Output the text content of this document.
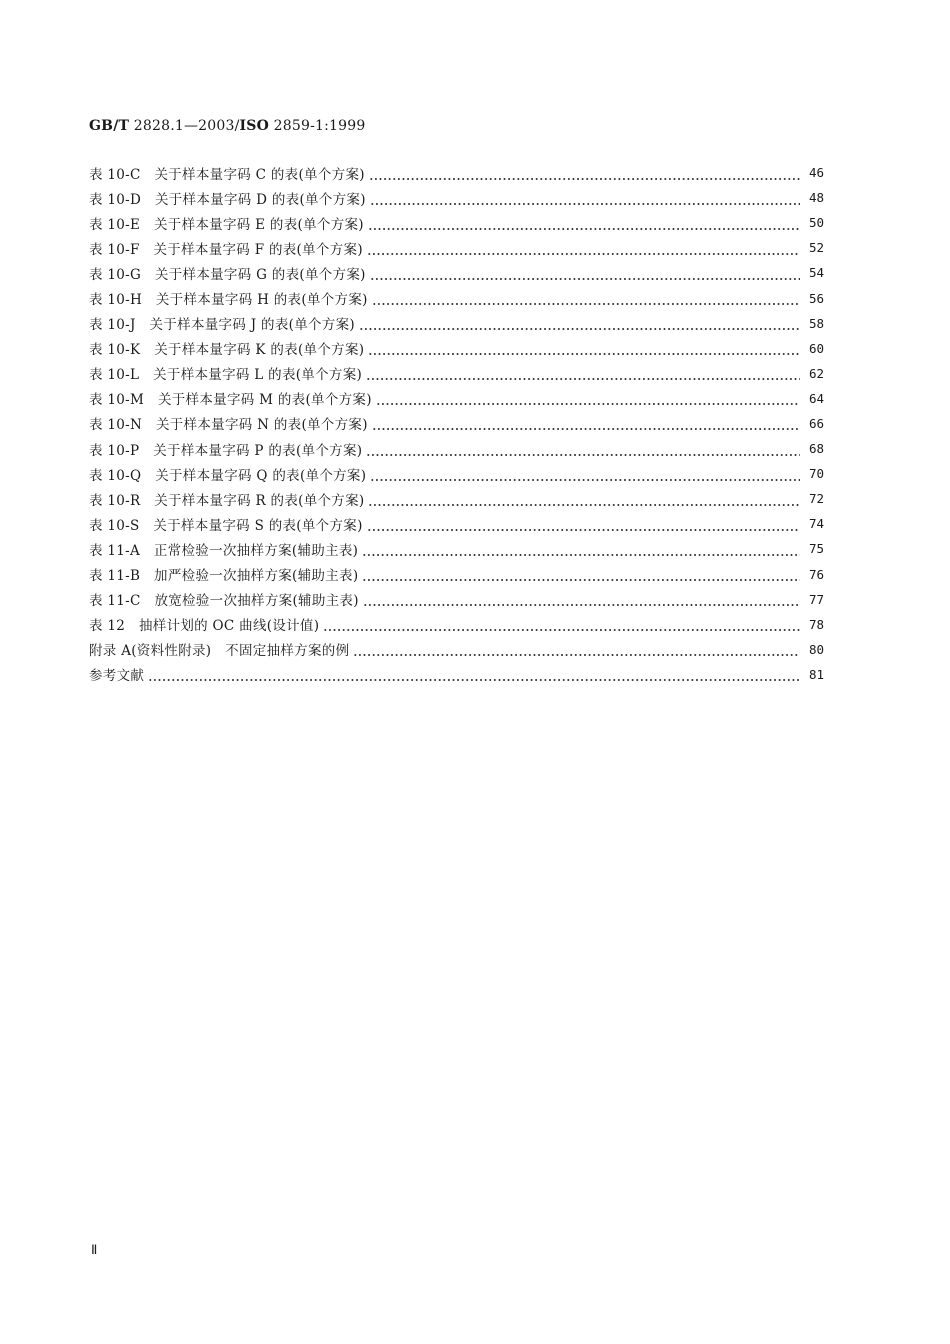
GB/T 2828.1—2003/ISO 2859-1:1999
表 10-C　关于样本量字码 C 的表(单个方案)	46
表 10-D　关于样本量字码 D 的表(单个方案)	48
表 10-E　关于样本量字码 E 的表(单个方案)	50
表 10-F　关于样本量字码 F 的表(单个方案)	52
表 10-G　关于样本量字码 G 的表(单个方案)	54
表 10-H　关于样本量字码 H 的表(单个方案)	56
表 10-J　关于样本量字码 J 的表(单个方案)	58
表 10-K　关于样本量字码 K 的表(单个方案)	60
表 10-L　关于样本量字码 L 的表(单个方案)	62
表 10-M　关于样本量字码 M 的表(单个方案)	64
表 10-N　关于样本量字码 N 的表(单个方案)	66
表 10-P　关于样本量字码 P 的表(单个方案)	68
表 10-Q　关于样本量字码 Q 的表(单个方案)	70
表 10-R　关于样本量字码 R 的表(单个方案)	72
表 10-S　关于样本量字码 S 的表(单个方案)	74
表 11-A　正常检验一次抽样方案(辅助主表)	75
表 11-B　加严检验一次抽样方案(辅助主表)	76
表 11-C　放宽检验一次抽样方案(辅助主表)	77
表 12　抽样计划的 OC 曲线(设计值)	78
附录 A(资料性附录)　不固定抽样方案的例	80
参考文献	81
Ⅱ
